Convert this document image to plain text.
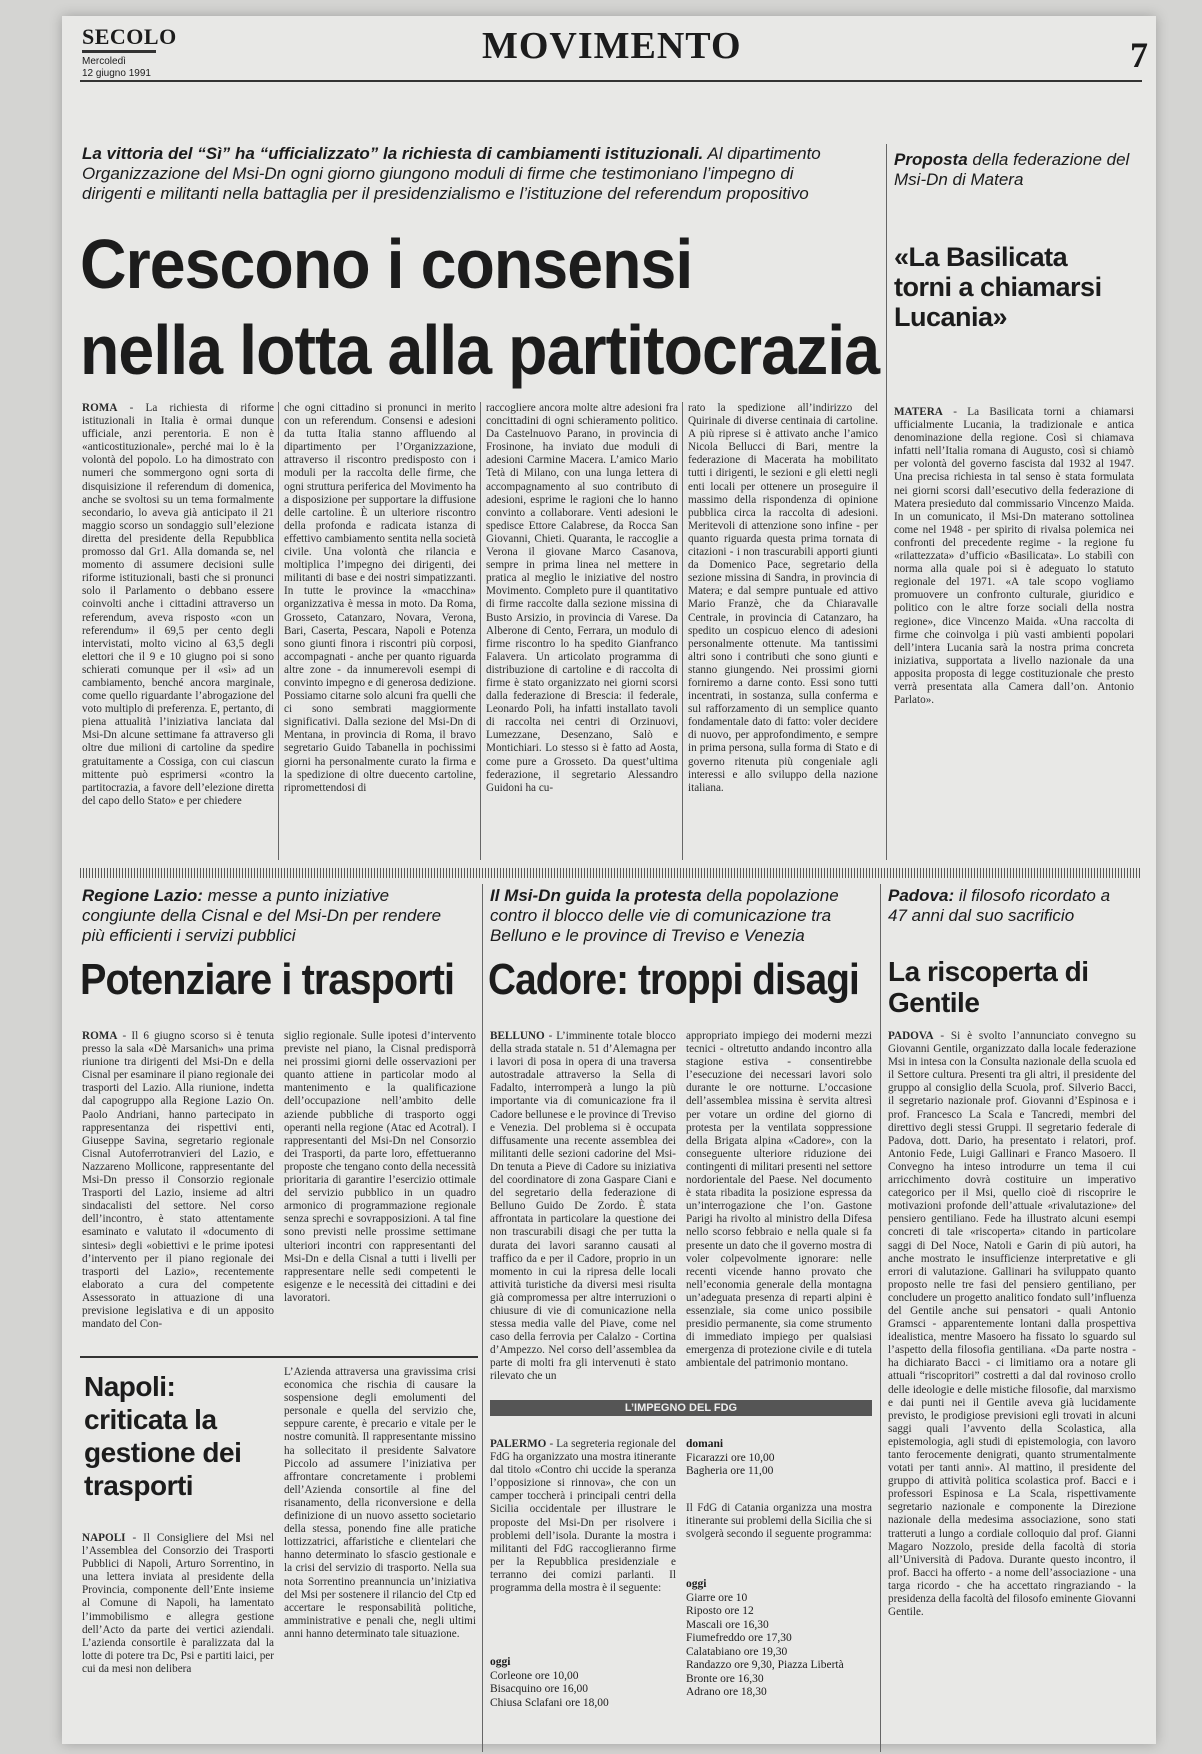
SECOLO
Mercoledì
12 giugno 1991
MOVIMENTO	7
La vittoria del “Sì” ha “ufficializzato” la richiesta di cambiamenti istituzionali. Al dipartimento Organizzazione del Msi-Dn ogni giorno giungono moduli di firme che testimoniano l’impegno di dirigenti e militanti nella battaglia per il presidenzialismo e l’istituzione del referendum propositivo
Crescono i consensi
nella lotta alla partitocrazia
ROMA - La richiesta di riforme istituzionali in Italia è ormai dunque ufficiale, anzi perentoria. E non è «anticostituzionale», perché mai lo è la volontà del popolo. Lo ha dimostrato con numeri che sommergono ogni sorta di disquisizione il referendum di domenica, anche se svoltosi su un tema formalmente secondario, lo aveva già anticipato il 21 maggio scorso un sondaggio sull’elezione diretta del presidente della Repubblica promosso dal Gr1. Alla domanda se, nel momento di assumere decisioni sulle riforme istituzionali, basti che si pronunci solo il Parlamento o debbano essere coinvolti anche i cittadini attraverso un referendum, aveva risposto «con un referendum» il 69,5 per cento degli intervistati, molto vicino al 63,5 degli elettori che il 9 e 10 giugno poi si sono schierati comunque per il «sì» ad un cambiamento, benché ancora marginale, come quello riguardante l’abrogazione del voto multiplo di preferenza. E, pertanto, di piena attualità l’iniziativa lanciata dal Msi-Dn alcune settimane fa attraverso gli oltre due milioni di cartoline da spedire gratuitamente a Cossiga, con cui ciascun mittente può esprimersi «contro la partitocrazia, a favore dell’elezione diretta del capo dello Stato» e per chiedere
che ogni cittadino si pronunci in merito con un referendum. Consensi e adesioni da tutta Italia stanno affluendo al dipartimento per l’Organizzazione, attraverso il riscontro predisposto con i moduli per la raccolta delle firme, che ogni struttura periferica del Movimento ha a disposizione per supportare la diffusione delle cartoline. È un ulteriore riscontro della profonda e radicata istanza di effettivo cambiamento sentita nella società civile. Una volontà che rilancia e moltiplica l’impegno dei dirigenti, dei militanti di base e dei nostri simpatizzanti. In tutte le province la «macchina» organizzativa è messa in moto. Da Roma, Grosseto, Catanzaro, Novara, Verona, Bari, Caserta, Pescara, Napoli e Potenza sono giunti finora i riscontri più corposi, accompagnati - anche per quanto riguarda altre zone - da innumerevoli esempi di convinto impegno e di generosa dedizione. Possiamo citarne solo alcuni fra quelli che ci sono sembrati maggiormente significativi. Dalla sezione del Msi-Dn di Mentana, in provincia di Roma, il bravo segretario Guido Tabanella in pochissimi giorni ha personalmente curato la firma e la spedizione di oltre duecento cartoline, ripromettendosi di
raccogliere ancora molte altre adesioni fra concittadini di ogni schieramento politico. Da Castelnuovo Parano, in provincia di Frosinone, ha inviato due moduli di adesioni Carmine Macera. L’amico Mario Tetà di Milano, con una lunga lettera di accompagnamento al suo contributo di adesioni, esprime le ragioni che lo hanno convinto a collaborare. Venti adesioni le spedisce Ettore Calabrese, da Rocca San Giovanni, Chieti. Quaranta, le raccoglie a Verona il giovane Marco Casanova, sempre in prima linea nel mettere in pratica al meglio le iniziative del nostro Movimento. Completo pure il quantitativo di firme raccolte dalla sezione missina di Busto Arsizio, in provincia di Varese. Da Alberone di Cento, Ferrara, un modulo di firme riscontro lo ha spedito Gianfranco Falavera. Un articolato programma di distribuzione di cartoline e di raccolta di firme è stato organizzato nei giorni scorsi dalla federazione di Brescia: il federale, Leonardo Poli, ha infatti installato tavoli di raccolta nei centri di Orzinuovi, Lumezzane, Desenzano, Salò e Montichiari. Lo stesso si è fatto ad Aosta, come pure a Grosseto. Da quest’ultima federazione, il segretario Alessandro Guidoni ha cu-
rato la spedizione all’indirizzo del Quirinale di diverse centinaia di cartoline. A più riprese si è attivato anche l’amico Nicola Bellucci di Bari, mentre la federazione di Macerata ha mobilitato tutti i dirigenti, le sezioni e gli eletti negli enti locali per ottenere un proseguire il massimo della rispondenza di opinione pubblica circa la raccolta di adesioni. Meritevoli di attenzione sono infine - per quanto riguarda questa prima tornata di citazioni - i non trascurabili apporti giunti da Domenico Pace, segretario della sezione missina di Sandra, in provincia di Matera; e dal sempre puntuale ed attivo Mario Franzè, che da Chiaravalle Centrale, in provincia di Catanzaro, ha spedito un cospicuo elenco di adesioni personalmente ottenute. Ma tantissimi altri sono i contributi che sono giunti e stanno giungendo. Nei prossimi giorni forniremo a darne conto. Essi sono tutti incentrati, in sostanza, sulla conferma e sul rafforzamento di un semplice quanto fondamentale dato di fatto: voler decidere di nuovo, per approfondimento, e sempre in prima persona, sulla forma di Stato e di governo ritenuta più congeniale agli interessi e allo sviluppo della nazione italiana.
Proposta della federazione del Msi-Dn di Matera
«La Basilicata torni a chiamarsi Lucania»
MATERA - La Basilicata torni a chiamarsi ufficialmente Lucania, la tradizionale e antica denominazione della regione. Così si chiamava infatti nell’Italia romana di Augusto, così si chiamò per volontà del governo fascista dal 1932 al 1947. Una precisa richiesta in tal senso è stata formulata nei giorni scorsi dall’esecutivo della federazione di Matera presieduto dal commissario Vincenzo Maida. In un comunicato, il Msi-Dn materano sottolinea come nel 1948 - per spirito di rivalsa polemica nei confronti del precedente regime - la regione fu «rilattezzata» d’ufficio «Basilicata». Lo stabilì con norma alla quale poi si è adeguato lo statuto regionale del 1971. «A tale scopo vogliamo promuovere un confronto culturale, giuridico e politico con le altre forze sociali della nostra regione», dice Vincenzo Maida. «Una raccolta di firme che coinvolga i più vasti ambienti popolari dell’intera Lucania sarà la nostra prima concreta iniziativa, supportata a livello nazionale da una apposita proposta di legge costituzionale che presto verrà presentata alla Camera dall’on. Antonio Parlato».
Regione Lazio: messe a punto iniziative congiunte della Cisnal e del Msi-Dn per rendere più efficienti i servizi pubblici
Potenziare i trasporti
ROMA - Il 6 giugno scorso si è tenuta presso la sala «Dè Marsanich» una prima riunione tra dirigenti del Msi-Dn e della Cisnal per esaminare il piano regionale dei trasporti del Lazio. Alla riunione, indetta dal capogruppo alla Regione Lazio On. Paolo Andriani, hanno partecipato in rappresentanza dei rispettivi enti, Giuseppe Savina, segretario regionale Cisnal Autoferrotranvieri del Lazio, e Nazzareno Mollicone, rappresentante del Msi-Dn presso il Consorzio regionale Trasporti del Lazio, insieme ad altri sindacalisti del settore. Nel corso dell’incontro, è stato attentamente esaminato e valutato il «documento di sintesi» degli «obiettivi e le prime ipotesi d’intervento per il piano regionale dei trasporti del Lazio», recentemente elaborato a cura del competente Assessorato in attuazione di una previsione legislativa e di un apposito mandato del Con-
siglio regionale. Sulle ipotesi d’intervento previste nel piano, la Cisnal predisporrà nei prossimi giorni delle osservazioni per quanto attiene in particolar modo al mantenimento e la qualificazione dell’occupazione nell’ambito delle aziende pubbliche di trasporto oggi operanti nella regione (Atac ed Acotral). I rappresentanti del Msi-Dn nel Consorzio dei Trasporti, da parte loro, effettueranno proposte che tengano conto della necessità prioritaria di garantire l’esercizio ottimale del servizio pubblico in un quadro armonico di programmazione regionale senza sprechi e sovrapposizioni. A tal fine sono previsti nelle prossime settimane ulteriori incontri con rappresentanti del Msi-Dn e della Cisnal a tutti i livelli per rappresentare nelle sedi competenti le esigenze e le necessità dei cittadini e dei lavoratori.
Il Msi-Dn guida la protesta della popolazione contro il blocco delle vie di comunicazione tra Belluno e le province di Treviso e Venezia
Cadore: troppi disagi
BELLUNO - L’imminente totale blocco della strada statale n. 51 d’Alemagna per i lavori di posa in opera di una traversa autostradale attraverso la Sella di Fadalto, interromperà a lungo la più importante via di comunicazione fra il Cadore bellunese e le province di Treviso e Venezia. Del problema si è occupata diffusamente una recente assemblea dei militanti delle sezioni cadorine del Msi-Dn tenuta a Pieve di Cadore su iniziativa del coordinatore di zona Gaspare Ciani e del segretario della federazione di Belluno Guido De Zordo. È stata affrontata in particolare la questione dei non trascurabili disagi che per tutta la durata dei lavori saranno causati al traffico da e per il Cadore, proprio in un momento in cui la ripresa delle locali attività turistiche da diversi mesi risulta già compromessa per altre interruzioni o chiusure di vie di comunicazione nella stessa media valle del Piave, come nel caso della ferrovia per Calalzo - Cortina d’Ampezzo. Nel corso dell’assemblea da parte di molti fra gli intervenuti è stato rilevato che un
appropriato impiego dei moderni mezzi tecnici - oltretutto andando incontro alla stagione estiva - consentirebbe l’esecuzione dei necessari lavori solo durante le ore notturne. L’occasione dell’assemblea missina è servita altresì per votare un ordine del giorno di protesta per la ventilata soppressione della Brigata alpina «Cadore», con la conseguente ulteriore riduzione dei contingenti di militari presenti nel settore nordorientale del Paese. Nel documento è stata ribadita la posizione espressa da un’interrogazione che l’on. Gastone Parigi ha rivolto al ministro della Difesa nello scorso febbraio e nella quale si fa presente un dato che il governo mostra di voler colpevolmente ignorare: nelle recenti vicende hanno provato che nell’economia generale della montagna un’adeguata presenza di reparti alpini è essenziale, sia come unico possibile presidio permanente, sia come strumento di immediato impiego per qualsiasi emergenza di protezione civile e di tutela ambientale del patrimonio montano.
Padova: il filosofo ricordato a 47 anni dal suo sacrificio
La riscoperta di Gentile
PADOVA - Si è svolto l’annunciato convegno su Giovanni Gentile, organizzato dalla locale federazione Msi in intesa con la Consulta nazionale della scuola ed il Settore cultura. Presenti tra gli altri, il presidente del gruppo al consiglio della Scuola, prof. Silverio Bacci, il segretario nazionale prof. Giovanni d’Espinosa e i prof. Francesco La Scala e Tancredi, membri del direttivo degli stessi Gruppi. Il segretario federale di Padova, dott. Dario, ha presentato i relatori, prof. Antonio Fede, Luigi Gallinari e Franco Masoero. Il Convegno ha inteso introdurre un tema il cui arricchimento dovrà costituire un imperativo categorico per il Msi, quello cioè di riscoprire le motivazioni profonde dell’attuale «rivalutazione» del pensiero gentiliano. Fede ha illustrato alcuni esempi concreti di tale «riscoperta» citando in particolare saggi di Del Noce, Natoli e Garin di più autori, ha anche mostrato le insufficienze interpretative e gli errori di valutazione. Gallinari ha sviluppato quanto proposto nelle tre fasi del pensiero gentiliano, per concludere un progetto analitico fondato sull’influenza del Gentile anche sui pensatori - quali Antonio Gramsci - apparentemente lontani dalla prospettiva idealistica, mentre Masoero ha fissato lo sguardo sul l’aspetto della filosofia gentiliana. «Da parte nostra - ha dichiarato Bacci - ci limitiamo ora a notare gli attuali “riscopritori” costretti a dal dal rovinoso crollo delle ideologie e delle mistiche filosofie, dal marxismo e dai punti nei il Gentile aveva già lucidamente previsto, le prodigiose previsioni egli trovati in alcuni saggi quali l’avvento della Scolastica, alla epistemologia, agli studi di epistemologia, con lavoro tanto ferocemente denigrati, quanto strumentalmente votati per tanti anni». Al mattino, il presidente del gruppo di attività politica scolastica prof. Bacci e i professori Espinosa e La Scala, rispettivamente segretario nazionale e componente la Direzione nazionale della medesima associazione, sono stati tratteruti a lungo a cordiale colloquio dal prof. Gianni Magaro Nozzolo, preside della facoltà di storia all’Università di Padova. Durante questo incontro, il prof. Bacci ha offerto - a nome dell’associazione - una targa ricordo - che ha accettato ringraziando - la presidenza della facoltà del filosofo eminente Giovanni Gentile.
Napoli: criticata la gestione dei trasporti
NAPOLI - Il Consigliere del Msi nel l’Assemblea del Consorzio dei Trasporti Pubblici di Napoli, Arturo Sorrentino, in una lettera inviata al presidente della Provincia, componente dell’Ente insieme al Comune di Napoli, ha lamentato l’immobilismo e allegra gestione dell’Acto da parte dei vertici aziendali. L’azienda consortile è paralizzata dal la lotte di potere tra Dc, Psi e partiti laici, per cui da mesi non delibera
L’Azienda attraversa una gravissima crisi economica che rischia di causare la sospensione degli emolumenti del personale e quella del servizio che, seppure carente, è precario e vitale per le nostre comunità. Il rappresentante missino ha sollecitato il presidente Salvatore Piccolo ad assumere l’iniziativa per affrontare concretamente i problemi dell’Azienda consortile al fine del risanamento, della riconversione e della definizione di un nuovo assetto societario della stessa, ponendo fine alle pratiche lottizzatrici, affaristiche e clientelari che hanno determinato lo sfascio gestionale e la crisi del servizio di trasporto. Nella sua nota Sorrentino preannuncia un’iniziativa del Msi per sostenere il rilancio del Ctp ed accertare le responsabilità politiche, amministrative e penali che, negli ultimi anni hanno determinato tale situazione.
L’IMPEGNO DEL FDG
PALERMO - La segreteria regionale del FdG ha organizzato una mostra itinerante dal titolo «Contro chi uccide la speranza l’opposizione si rinnova», che con un camper toccherà i principali centri della Sicilia occidentale per illustrare le proposte del Msi-Dn per risolvere i problemi dell’isola. Durante la mostra i militanti del FdG raccoglieranno firme per la Repubblica presidenziale e terranno dei comizi parlanti. Il programma della mostra è il seguente:
oggi
Corleone ore 10,00
Bisacquino ore 16,00
Chiusa Sclafani ore 18,00
domani
Ficarazzi ore 10,00
Bagheria ore 11,00
Il FdG di Catania organizza una mostra itinerante sui problemi della Sicilia che si svolgerà secondo il seguente programma:
oggi
Giarre ore 10
Riposto ore 12
Mascali ore 16,30
Fiumefreddo ore 17,30
Calatabiano ore 19,30
Randazzo ore 9,30, Piazza Libertà
Bronte ore 16,30
Adrano ore 18,30
